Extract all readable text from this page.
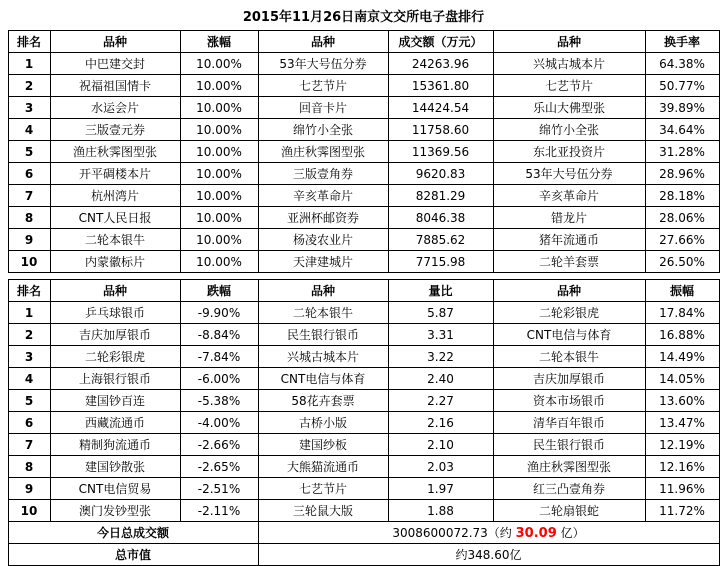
2015年11月26日南京文交所电子盘排行
排名	品种	涨幅	品种	成交额（万元）	品种	换手率
1	中巴建交封	10.00%	53年大号伍分券	24263.96	兴城古城本片	64.38%
2	祝福祖国情卡	10.00%	七艺节片	15361.80	七艺节片	50.77%
3	水运会片	10.00%	回音卡片	14424.54	乐山大佛型张	39.89%
4	三版壹元券	10.00%	绵竹小全张	11758.60	绵竹小全张	34.64%
5	渔庄秋霁图型张	10.00%	渔庄秋霁图型张	11369.56	东北亚投资片	31.28%
6	开平碉楼本片	10.00%	三版壹角券	9620.83	53年大号伍分券	28.96%
7	杭州湾片	10.00%	辛亥革命片	8281.29	辛亥革命片	28.18%
8	CNT人民日报	10.00%	亚洲杯邮资券	8046.38	错龙片	28.06%
9	二轮本银牛	10.00%	杨凌农业片	7885.62	猪年流通币	27.66%
10	内蒙徽标片	10.00%	天津建城片	7715.98	二轮羊套票	26.50%
排名	品种	跌幅	品种	量比	品种	振幅
1	乒乓球银币	-9.90%	二轮本银牛	5.87	二轮彩银虎	17.84%
2	吉庆加厚银币	-8.84%	民生银行银币	3.31	CNT电信与体育	16.88%
3	二轮彩银虎	-7.84%	兴城古城本片	3.22	二轮本银牛	14.49%
4	上海银行银币	-6.00%	CNT电信与体育	2.40	吉庆加厚银币	14.05%
5	建国钞百连	-5.38%	58花卉套票	2.27	资本市场银币	13.60%
6	西藏流通币	-4.00%	古桥小版	2.16	清华百年银币	13.47%
7	精制狗流通币	-2.66%	建国纱板	2.10	民生银行银币	12.19%
8	建国钞散张	-2.65%	大熊猫流通币	2.03	渔庄秋霁图型张	12.16%
9	CNT电信贸易	-2.51%	七艺节片	1.97	红三凸壹角券	11.96%
10	澳门发钞型张	-2.11%	三轮鼠大版	1.88	二轮扇银蛇	11.72%
今日总成交额	3008600072.73（约 30.09 亿）
总市值	约348.60亿
